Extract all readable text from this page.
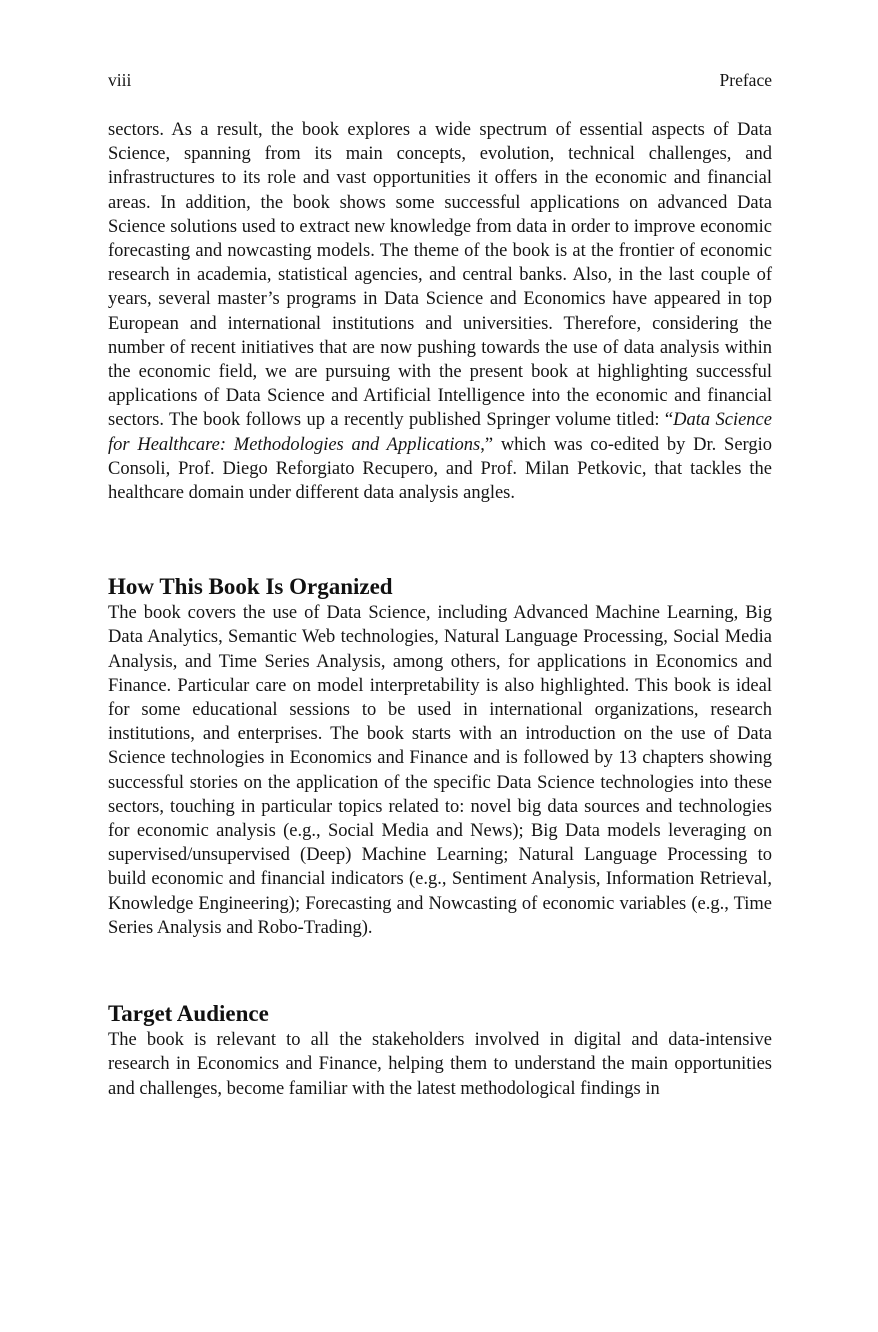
viii	Preface

sectors. As a result, the book explores a wide spectrum of essential aspects of Data Science, spanning from its main concepts, evolution, technical challenges, and infrastructures to its role and vast opportunities it offers in the economic and financial areas. In addition, the book shows some successful applications on advanced Data Science solutions used to extract new knowledge from data in order to improve economic forecasting and nowcasting models. The theme of the book is at the frontier of economic research in academia, statistical agencies, and central banks. Also, in the last couple of years, several master’s programs in Data Science and Economics have appeared in top European and international institutions and universities. Therefore, considering the number of recent initiatives that are now pushing towards the use of data analysis within the economic field, we are pursuing with the present book at highlighting successful applications of Data Science and Artificial Intelligence into the economic and financial sectors. The book follows up a recently published Springer volume titled: “Data Science for Healthcare: Methodologies and Applications,” which was co-edited by Dr. Sergio Consoli, Prof. Diego Reforgiato Recupero, and Prof. Milan Petkovic, that tackles the healthcare domain under different data analysis angles.

How This Book Is Organized

The book covers the use of Data Science, including Advanced Machine Learning, Big Data Analytics, Semantic Web technologies, Natural Language Processing, Social Media Analysis, and Time Series Analysis, among others, for applications in Economics and Finance. Particular care on model interpretability is also highlighted. This book is ideal for some educational sessions to be used in international organizations, research institutions, and enterprises. The book starts with an introduction on the use of Data Science technologies in Economics and Finance and is followed by 13 chapters showing successful stories on the application of the specific Data Science technologies into these sectors, touching in particular topics related to: novel big data sources and technologies for economic analysis (e.g., Social Media and News); Big Data models leveraging on supervised/unsupervised (Deep) Machine Learning; Natural Language Processing to build economic and financial indicators (e.g., Sentiment Analysis, Information Retrieval, Knowledge Engineering); Forecasting and Nowcasting of economic variables (e.g., Time Series Analysis and Robo-Trading).

Target Audience

The book is relevant to all the stakeholders involved in digital and data-intensive research in Economics and Finance, helping them to understand the main opportunities and challenges, become familiar with the latest methodological findings in
